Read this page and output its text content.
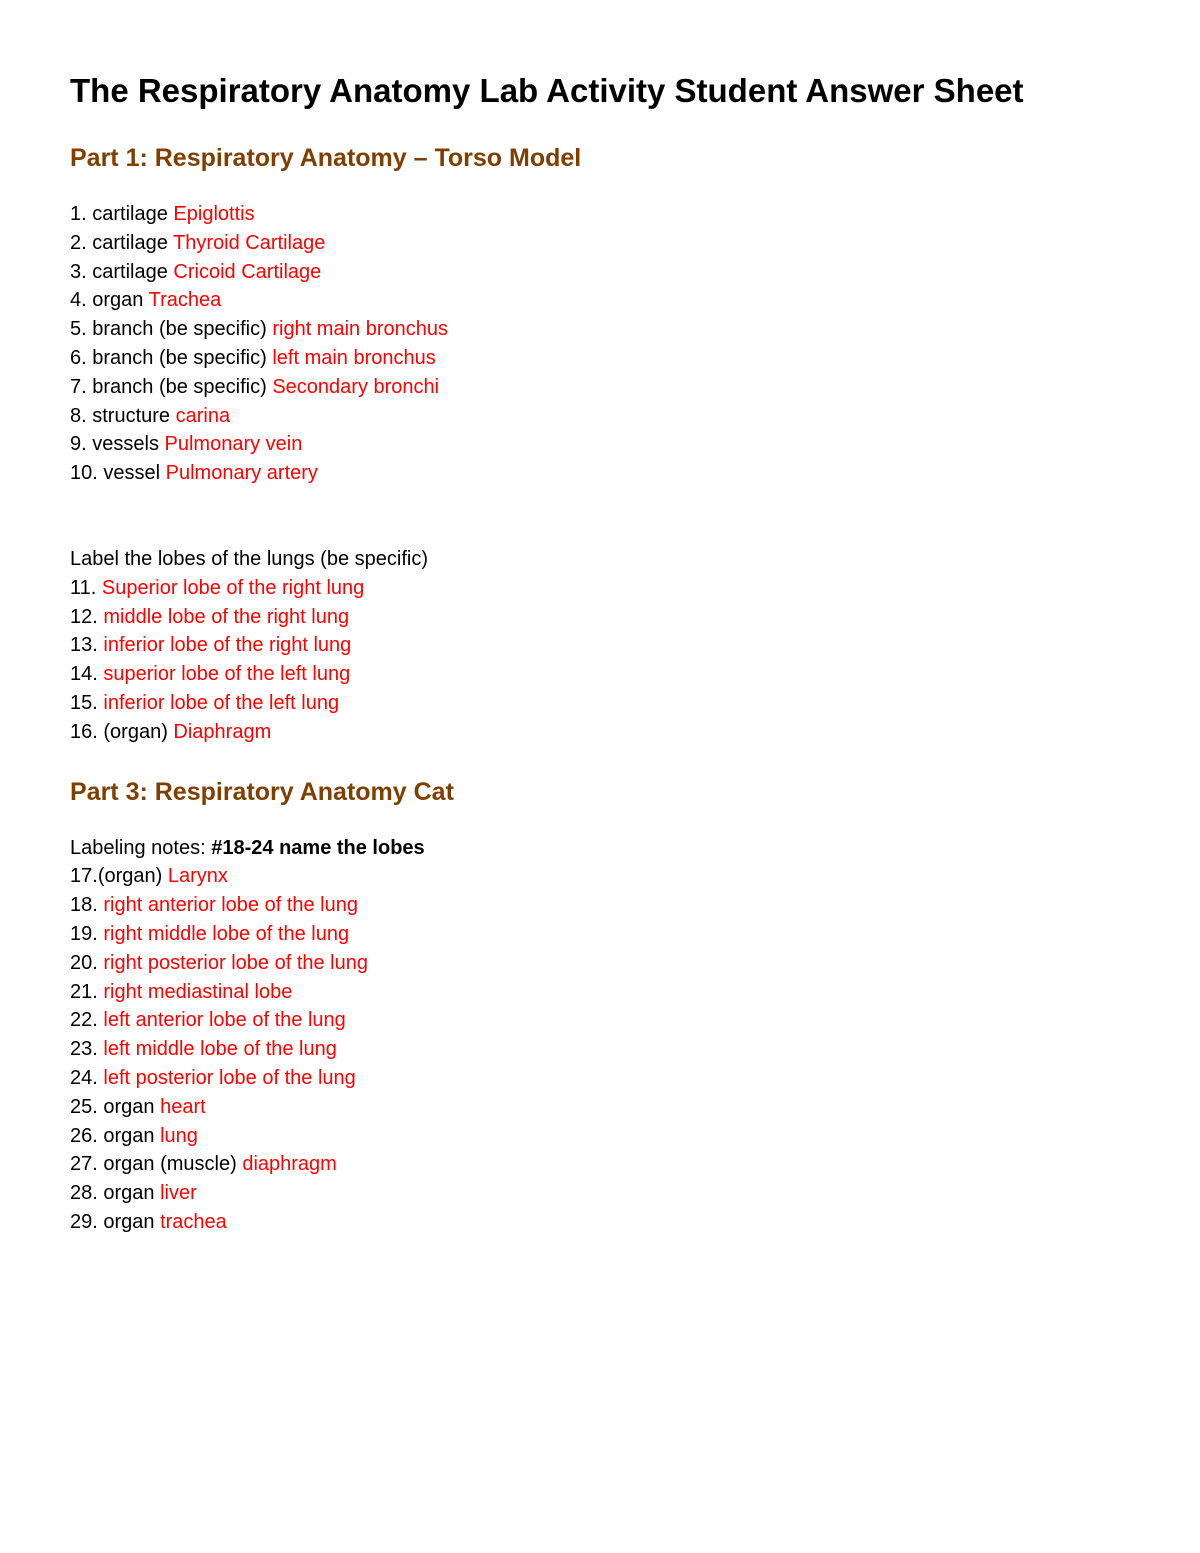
The Respiratory Anatomy Lab Activity Student Answer Sheet
Part 1: Respiratory Anatomy – Torso Model
1. cartilage Epiglottis
2. cartilage Thyroid Cartilage
3. cartilage Cricoid Cartilage
4. organ Trachea
5. branch (be specific) right main bronchus
6. branch (be specific) left main bronchus
7. branch (be specific) Secondary bronchi
8. structure carina
9. vessels Pulmonary vein
10. vessel Pulmonary artery

Label the lobes of the lungs (be specific)

11. Superior lobe of the right lung
12. middle lobe of the right lung
13. inferior lobe of the right lung
14. superior lobe of the left lung
15. inferior lobe of the left lung
16. (organ) Diaphragm
Part 3: Respiratory Anatomy Cat

Labeling notes: #18-24 name the lobes

17.(organ) Larynx
18. right anterior lobe of the lung
19. right middle lobe of the lung
20. right posterior lobe of the lung
21. right mediastinal lobe
22. left anterior lobe of the lung
23. left middle lobe of the lung
24. left posterior lobe of the lung
25. organ heart
26. organ lung
27. organ (muscle) diaphragm
28. organ liver
29. organ trachea
